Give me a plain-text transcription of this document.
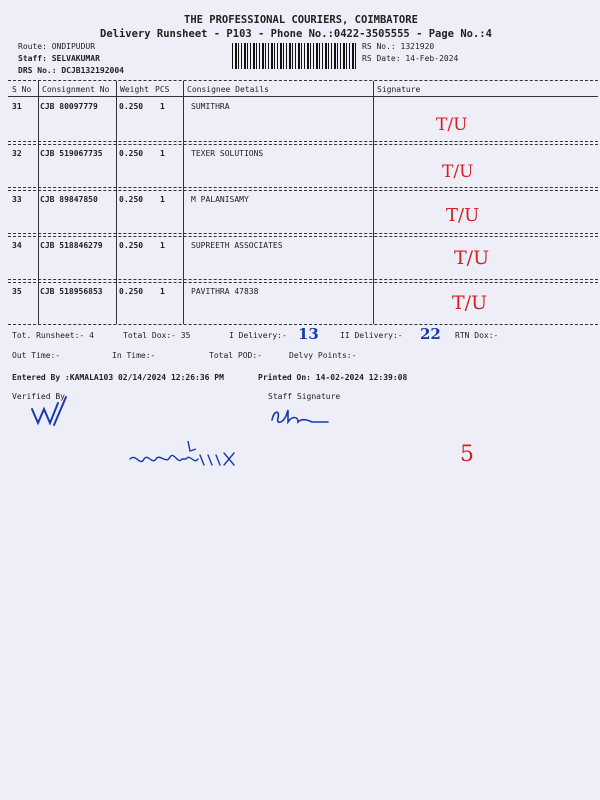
THE PROFESSIONAL COURIERS, COIMBATORE
Delivery Runsheet - P103 - Phone No.:0422-3505555 - Page No.:4
Route: ONDIPUDUR
Staff: SELVAKUMAR
DRS No.: DCJB132192004
RS No.: 1321920
RS Date: 14-Feb-2024
S No Consignment No Weight PCS Consignee Details	Signature
31 CJB 80097779	0.250 1	SUMITHRA
T/U
32 CJB 519067735 0.250 1	TEXER SOLUTIONS
T/U
33 CJB 89847850	0.250 1	M PALANISAMY
T/U
34 CJB 518846279 0.250 1	SUPREETH ASSOCIATES
T/U
35 CJB 518956853 0.250 1	PAVITHRA 47838
T/U
Tot. Runsheet:- 4	Total Dox:- 35	I Delivery:- 13	II Delivery:- 22 RTN Dox:-
Out Time:-	In Time:-	Total POD:-	Delvy Points:-
Entered By :KAMALA103 02/14/2024 12:26:36 PM	Printed On: 14-02-2024 12:39:08
Verified By	Staff Signature
5
